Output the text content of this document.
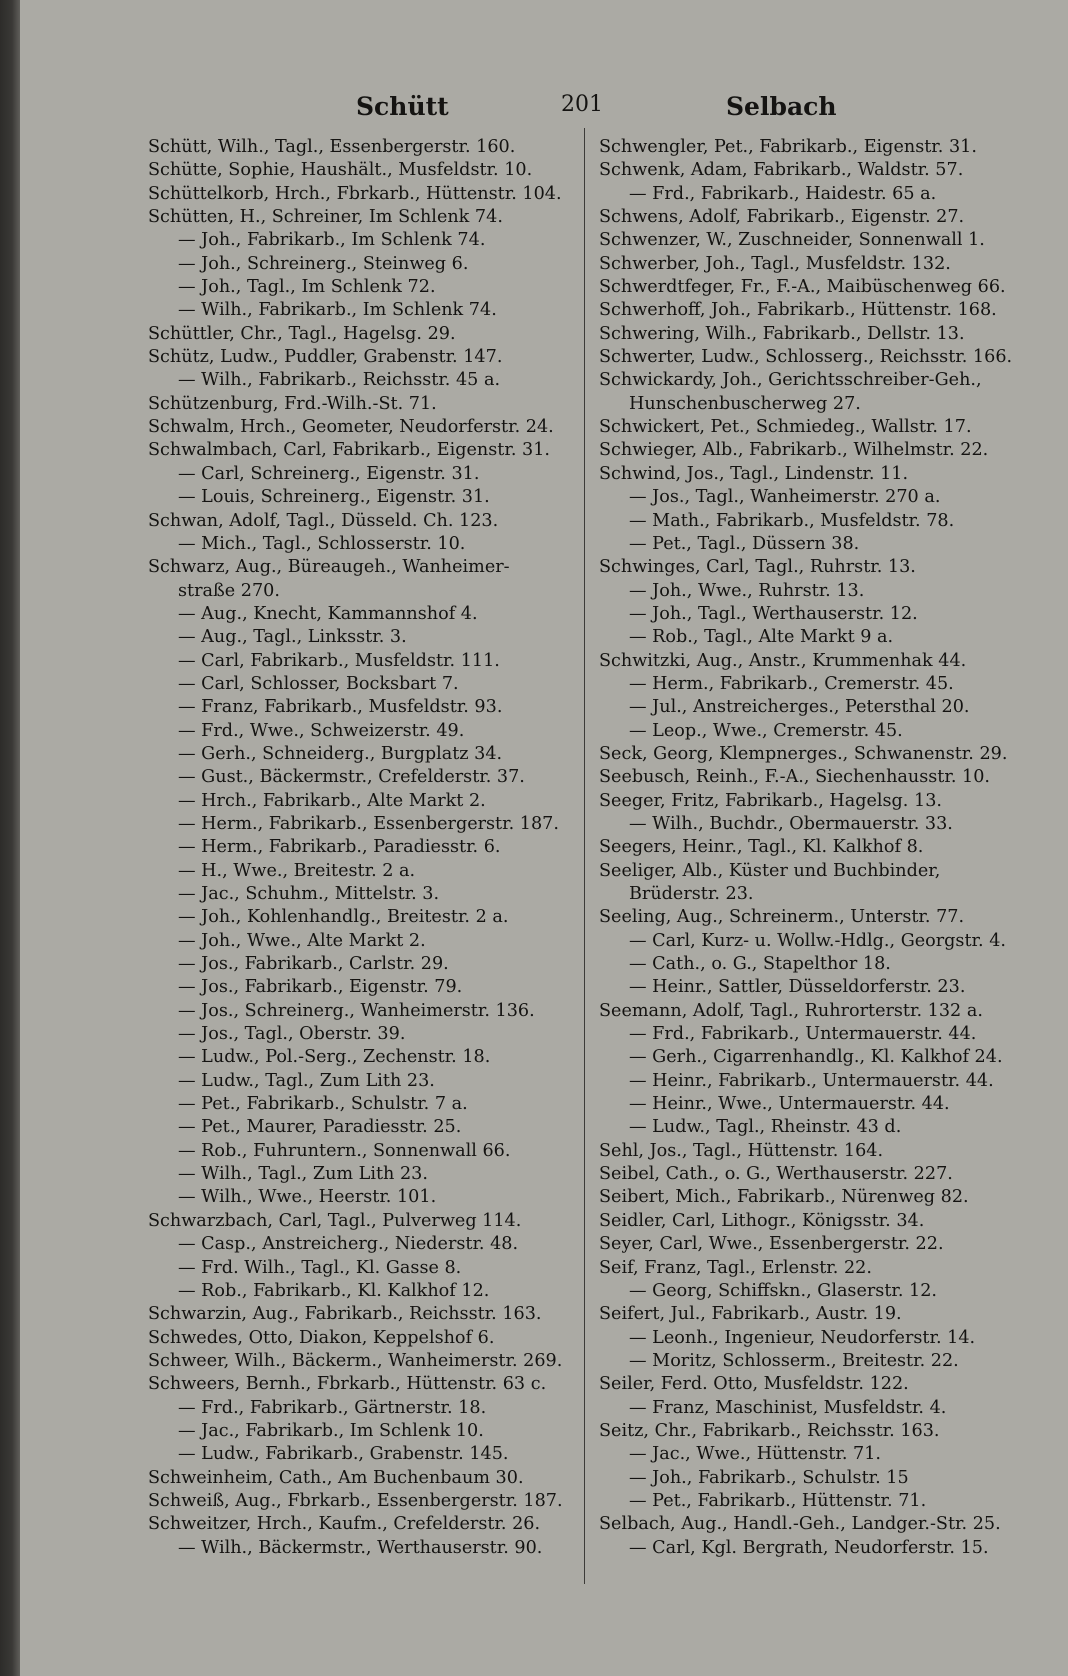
Schütt	201	Selbach
Schütt, Wilh., Tagl., Essenbergerstr. 160.
Schütte, Sophie, Haushält., Musfeldstr. 10.
Schüttelkorb, Hrch., Fbrkarb., Hüttenstr. 104.
Schütten, H., Schreiner, Im Schlenk 74.
— Joh., Fabrikarb., Im Schlenk 74.
— Joh., Schreinerg., Steinweg 6.
— Joh., Tagl., Im Schlenk 72.
— Wilh., Fabrikarb., Im Schlenk 74.
Schüttler, Chr., Tagl., Hagelsg. 29.
Schütz, Ludw., Puddler, Grabenstr. 147.
— Wilh., Fabrikarb., Reichsstr. 45 a.
Schützenburg, Frd.-Wilh.-St. 71.
Schwalm, Hrch., Geometer, Neudorferstr. 24.
Schwalmbach, Carl, Fabrikarb., Eigenstr. 31.
— Carl, Schreinerg., Eigenstr. 31.
— Louis, Schreinerg., Eigenstr. 31.
Schwan, Adolf, Tagl., Düsseld. Ch. 123.
— Mich., Tagl., Schlosserstr. 10.
Schwarz, Aug., Büreaugeh., Wanheimer-
straße 270.
— Aug., Knecht, Kammannshof 4.
— Aug., Tagl., Linksstr. 3.
— Carl, Fabrikarb., Musfeldstr. 111.
— Carl, Schlosser, Bocksbart 7.
— Franz, Fabrikarb., Musfeldstr. 93.
— Frd., Wwe., Schweizerstr. 49.
— Gerh., Schneiderg., Burgplatz 34.
— Gust., Bäckermstr., Crefelderstr. 37.
— Hrch., Fabrikarb., Alte Markt 2.
— Herm., Fabrikarb., Essenbergerstr. 187.
— Herm., Fabrikarb., Paradiesstr. 6.
— H., Wwe., Breitestr. 2 a.
— Jac., Schuhm., Mittelstr. 3.
— Joh., Kohlenhandlg., Breitestr. 2 a.
— Joh., Wwe., Alte Markt 2.
— Jos., Fabrikarb., Carlstr. 29.
— Jos., Fabrikarb., Eigenstr. 79.
— Jos., Schreinerg., Wanheimerstr. 136.
— Jos., Tagl., Oberstr. 39.
— Ludw., Pol.-Serg., Zechenstr. 18.
— Ludw., Tagl., Zum Lith 23.
— Pet., Fabrikarb., Schulstr. 7 a.
— Pet., Maurer, Paradiesstr. 25.
— Rob., Fuhruntern., Sonnenwall 66.
— Wilh., Tagl., Zum Lith 23.
— Wilh., Wwe., Heerstr. 101.
Schwarzbach, Carl, Tagl., Pulverweg 114.
— Casp., Anstreicherg., Niederstr. 48.
— Frd. Wilh., Tagl., Kl. Gasse 8.
— Rob., Fabrikarb., Kl. Kalkhof 12.
Schwarzin, Aug., Fabrikarb., Reichsstr. 163.
Schwedes, Otto, Diakon, Keppelshof 6.
Schweer, Wilh., Bäckerm., Wanheimerstr. 269.
Schweers, Bernh., Fbrkarb., Hüttenstr. 63 c.
— Frd., Fabrikarb., Gärtnerstr. 18.
— Jac., Fabrikarb., Im Schlenk 10.
— Ludw., Fabrikarb., Grabenstr. 145.
Schweinheim, Cath., Am Buchenbaum 30.
Schweiß, Aug., Fbrkarb., Essenbergerstr. 187.
Schweitzer, Hrch., Kaufm., Crefelderstr. 26.
— Wilh., Bäckermstr., Werthauserstr. 90.
Schwengler, Pet., Fabrikarb., Eigenstr. 31.
Schwenk, Adam, Fabrikarb., Waldstr. 57.
— Frd., Fabrikarb., Haidestr. 65 a.
Schwens, Adolf, Fabrikarb., Eigenstr. 27.
Schwenzer, W., Zuschneider, Sonnenwall 1.
Schwerber, Joh., Tagl., Musfeldstr. 132.
Schwerdtfeger, Fr., F.-A., Maibüschenweg 66.
Schwerhoff, Joh., Fabrikarb., Hüttenstr. 168.
Schwering, Wilh., Fabrikarb., Dellstr. 13.
Schwerter, Ludw., Schlosserg., Reichsstr. 166.
Schwickardy, Joh., Gerichtsschreiber-Geh.,
Hunschenbuscherweg 27.
Schwickert, Pet., Schmiedeg., Wallstr. 17.
Schwieger, Alb., Fabrikarb., Wilhelmstr. 22.
Schwind, Jos., Tagl., Lindenstr. 11.
— Jos., Tagl., Wanheimerstr. 270 a.
— Math., Fabrikarb., Musfeldstr. 78.
— Pet., Tagl., Düssern 38.
Schwinges, Carl, Tagl., Ruhrstr. 13.
— Joh., Wwe., Ruhrstr. 13.
— Joh., Tagl., Werthauserstr. 12.
— Rob., Tagl., Alte Markt 9 a.
Schwitzki, Aug., Anstr., Krummenhak 44.
— Herm., Fabrikarb., Cremerstr. 45.
— Jul., Anstreicherges., Petersthal 20.
— Leop., Wwe., Cremerstr. 45.
Seck, Georg, Klempnerges., Schwanenstr. 29.
Seebusch, Reinh., F.-A., Siechenhausstr. 10.
Seeger, Fritz, Fabrikarb., Hagelsg. 13.
— Wilh., Buchdr., Obermauerstr. 33.
Seegers, Heinr., Tagl., Kl. Kalkhof 8.
Seeliger, Alb., Küster und Buchbinder,
Brüderstr. 23.
Seeling, Aug., Schreinerm., Unterstr. 77.
— Carl, Kurz- u. Wollw.-Hdlg., Georgstr. 4.
— Cath., o. G., Stapelthor 18.
— Heinr., Sattler, Düsseldorferstr. 23.
Seemann, Adolf, Tagl., Ruhrorterstr. 132 a.
— Frd., Fabrikarb., Untermauerstr. 44.
— Gerh., Cigarrenhandlg., Kl. Kalkhof 24.
— Heinr., Fabrikarb., Untermauerstr. 44.
— Heinr., Wwe., Untermauerstr. 44.
— Ludw., Tagl., Rheinstr. 43 d.
Sehl, Jos., Tagl., Hüttenstr. 164.
Seibel, Cath., o. G., Werthauserstr. 227.
Seibert, Mich., Fabrikarb., Nürenweg 82.
Seidler, Carl, Lithogr., Königsstr. 34.
Seyer, Carl, Wwe., Essenbergerstr. 22.
Seif, Franz, Tagl., Erlenstr. 22.
— Georg, Schiffskn., Glaserstr. 12.
Seifert, Jul., Fabrikarb., Austr. 19.
— Leonh., Ingenieur, Neudorferstr. 14.
— Moritz, Schlosserm., Breitestr. 22.
Seiler, Ferd. Otto, Musfeldstr. 122.
— Franz, Maschinist, Musfeldstr. 4.
Seitz, Chr., Fabrikarb., Reichsstr. 163.
— Jac., Wwe., Hüttenstr. 71.
— Joh., Fabrikarb., Schulstr. 15
— Pet., Fabrikarb., Hüttenstr. 71.
Selbach, Aug., Handl.-Geh., Landger.-Str. 25.
— Carl, Kgl. Bergrath, Neudorferstr. 15.
